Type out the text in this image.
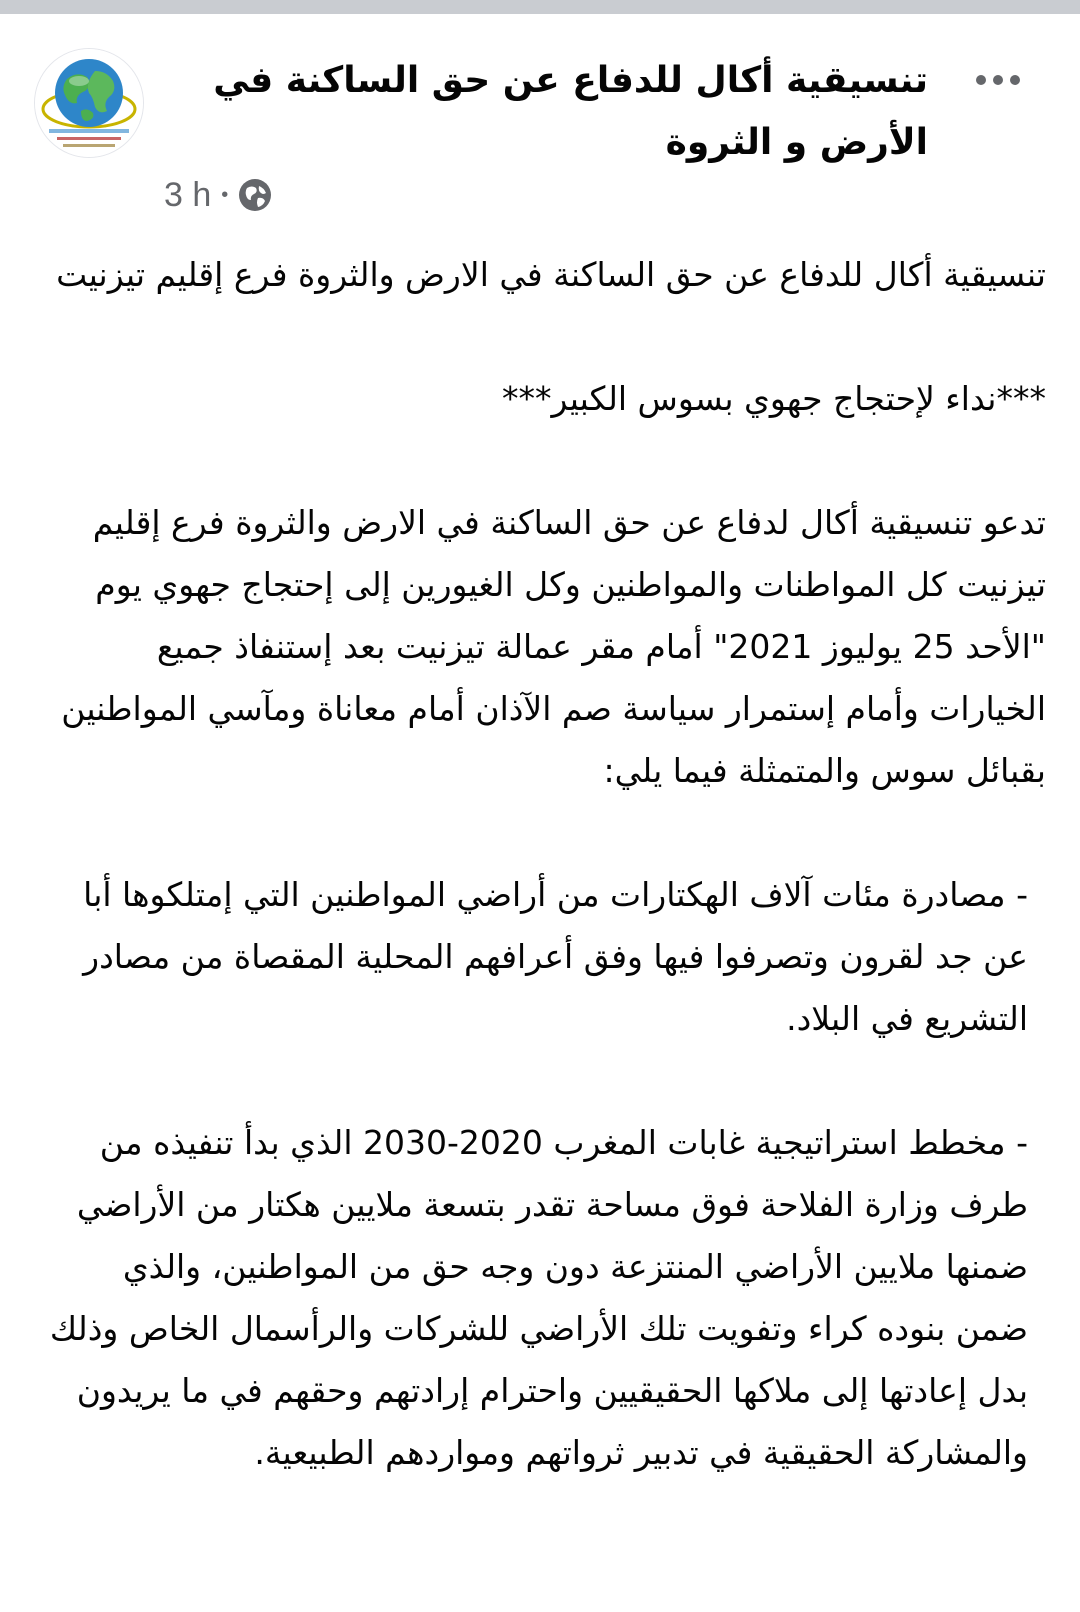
تنسيقية أكال للدفاع عن حق الساكنة في الأرض و الثروة
3 h •

تنسيقية أكال للدفاع عن حق الساكنة في الارض والثروة فرع إقليم تيزنيت

***نداء لإحتجاج جهوي بسوس الكبير***

تدعو تنسيقية أكال لدفاع عن حق الساكنة في الارض والثروة فرع إقليم تيزنيت كل المواطنات والمواطنين وكل الغيورين إلى إحتجاج جهوي يوم "الأحد 25 يوليوز 2021" أمام مقر عمالة تيزنيت بعد إستنفاذ جميع الخيارات وأمام إستمرار سياسة صم الآذان أمام معاناة ومآسي المواطنين بقبائل سوس والمتمثلة فيما يلي:

- مصادرة مئات آلاف الهكتارات من أراضي المواطنين التي إمتلكوها أبا عن جد لقرون وتصرفوا فيها وفق أعرافهم المحلية المقصاة من مصادر التشريع في البلاد.

- مخطط استراتيجية غابات المغرب 2020-2030 الذي بدأ تنفيذه من طرف وزارة الفلاحة فوق مساحة تقدر بتسعة ملايين هكتار من الأراضي ضمنها ملايين الأراضي المنتزعة دون وجه حق من المواطنين، والذي ضمن بنوده كراء وتفويت تلك الأراضي للشركات والرأسمال الخاص وذلك بدل إعادتها إلى ملاكها الحقيقيين واحترام إرادتهم وحقهم في ما يريدون والمشاركة الحقيقية في تدبير ثرواتهم ومواردهم الطبيعية.
